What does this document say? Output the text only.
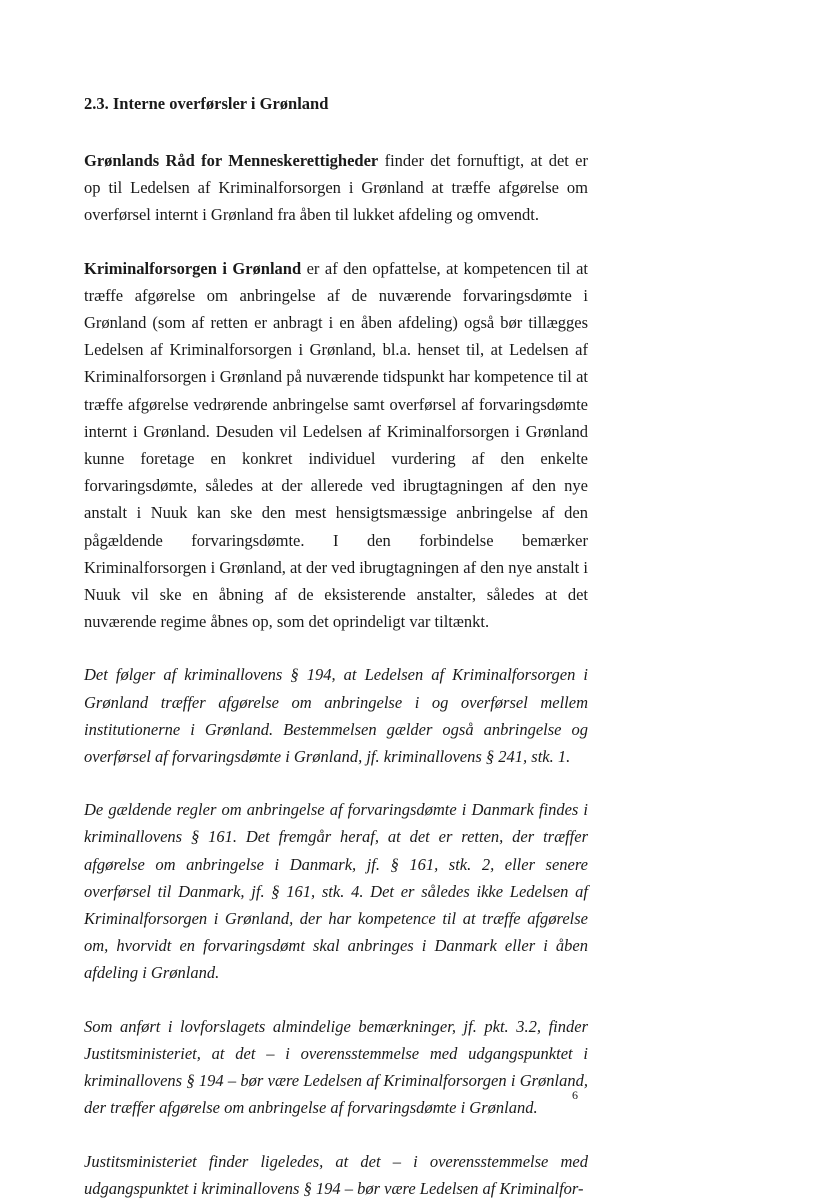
2.3. Interne overførsler i Grønland

Grønlands Råd for Menneskerettigheder finder det fornuftigt, at det er op til Ledelsen af Kriminalforsorgen i Grønland at træffe afgørelse om overførsel internt i Grønland fra åben til lukket afdeling og omvendt.

Kriminalforsorgen i Grønland er af den opfattelse, at kompetencen til at træffe afgørelse om anbringelse af de nuværende forvaringsdømte i Grønland (som af retten er anbragt i en åben afdeling) også bør tillægges Ledelsen af Kriminalforsorgen i Grønland, bl.a. henset til, at Ledelsen af Kriminalforsorgen i Grønland på nuværende tidspunkt har kompetence til at træffe afgørelse vedrørende anbringelse samt overførsel af forvaringsdømte internt i Grønland. Desuden vil Ledelsen af Kriminalforsorgen i Grønland kunne foretage en konkret individuel vurdering af den enkelte forvaringsdømte, således at der allerede ved ibrugtagningen af den nye anstalt i Nuuk kan ske den mest hensigtsmæssige anbringelse af den pågældende forvaringsdømte. I den forbindelse bemærker Kriminalforsorgen i Grønland, at der ved ibrugtagningen af den nye anstalt i Nuuk vil ske en åbning af de eksisterende anstalter, således at det nuværende regime åbnes op, som det oprindeligt var tiltænkt.

Det følger af kriminallovens § 194, at Ledelsen af Kriminalforsorgen i Grønland træffer afgørelse om anbringelse i og overførsel mellem institutionerne i Grønland. Bestemmelsen gælder også anbringelse og overførsel af forvaringsdømte i Grønland, jf. kriminallovens § 241, stk. 1.

De gældende regler om anbringelse af forvaringsdømte i Danmark findes i kriminallovens § 161. Det fremgår heraf, at det er retten, der træffer afgørelse om anbringelse i Danmark, jf. § 161, stk. 2, eller senere overførsel til Danmark, jf. § 161, stk. 4. Det er således ikke Ledelsen af Kriminalforsorgen i Grønland, der har kompetence til at træffe afgørelse om, hvorvidt en forvaringsdømt skal anbringes i Danmark eller i åben afdeling i Grønland.

Som anført i lovforslagets almindelige bemærkninger, jf. pkt. 3.2, finder Justitsministeriet, at det – i overensstemmelse med udgangspunktet i kriminallovens § 194 – bør være Ledelsen af Kriminalforsorgen i Grønland, der træffer afgørelse om anbringelse af forvaringsdømte i Grønland.

Justitsministeriet finder ligeledes, at det – i overensstemmelse med udgangspunktet i kriminallovens § 194 – bør være Ledelsen af Kriminalfor-

6
